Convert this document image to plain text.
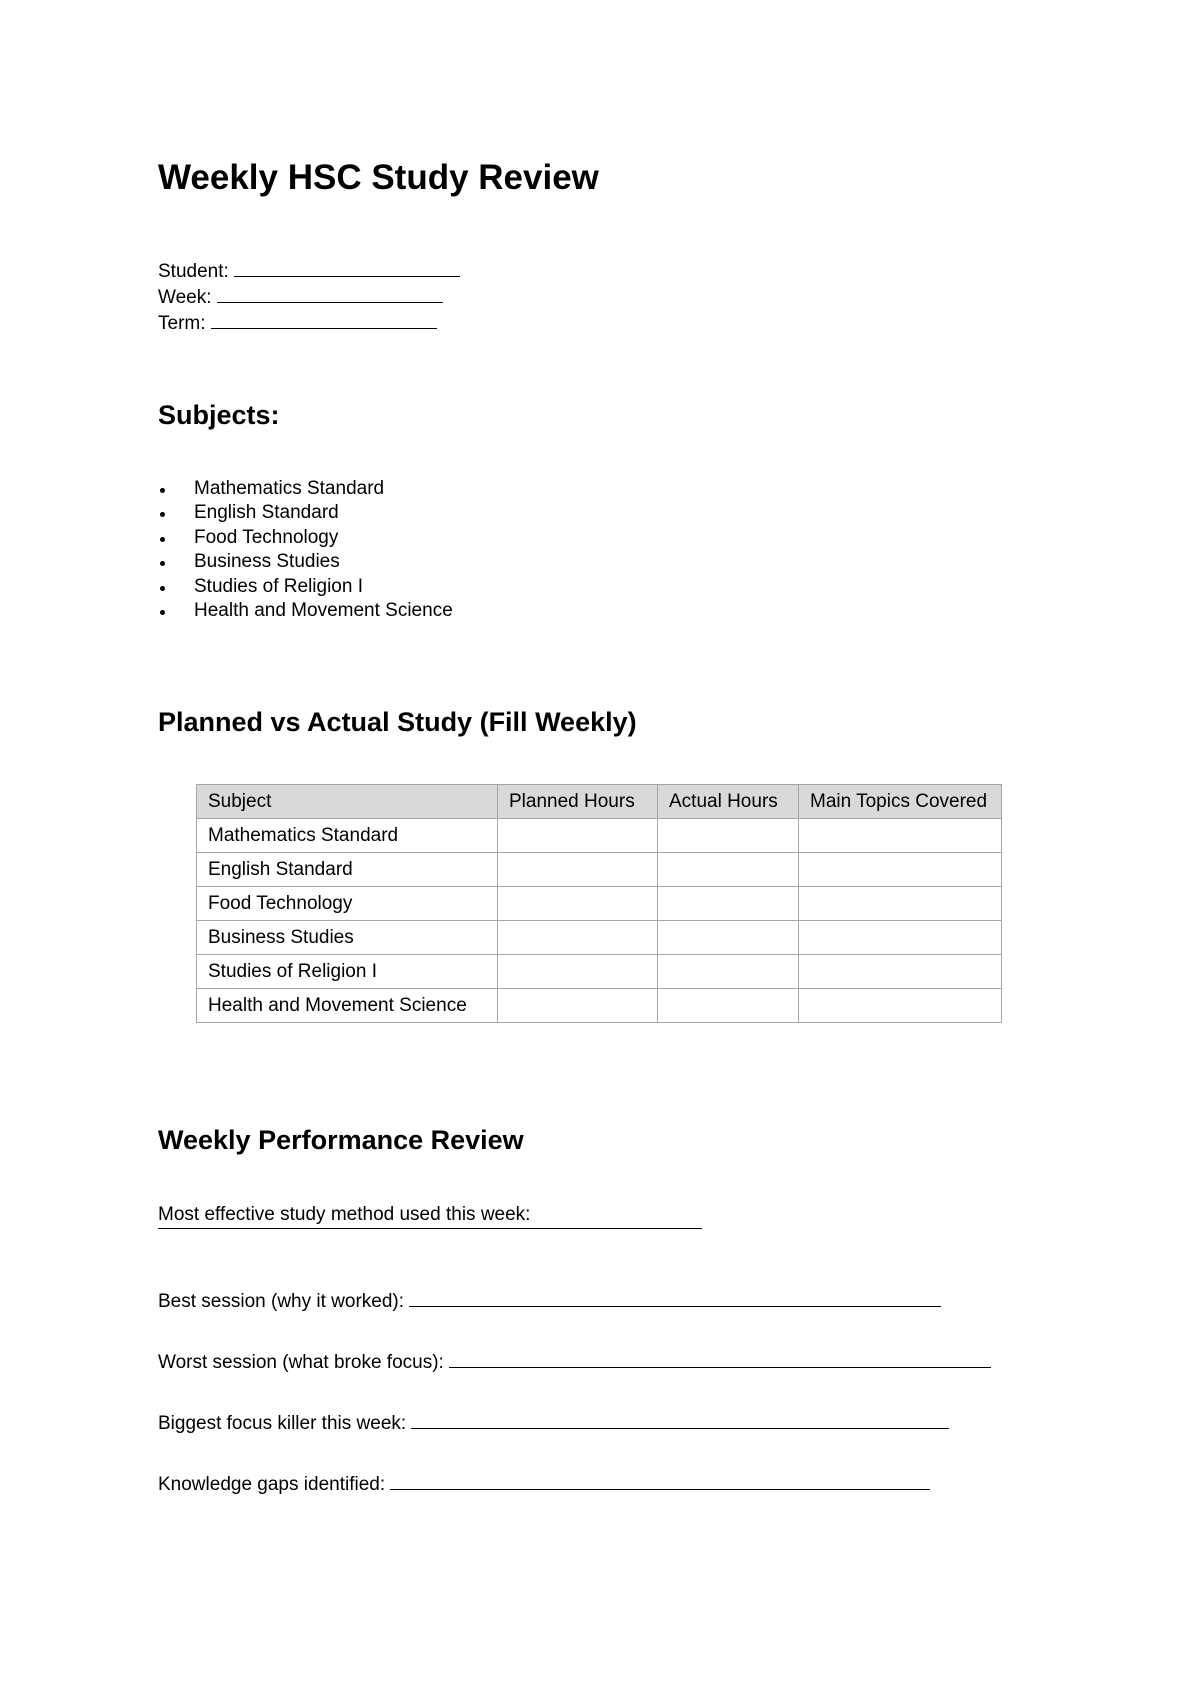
Weekly HSC Study Review
Student:
Week:
Term:
Subjects:
Mathematics Standard
English Standard
Food Technology
Business Studies
Studies of Religion I
Health and Movement Science
Planned vs Actual Study (Fill Weekly)
Subject	Planned Hours	Actual Hours	Main Topics Covered
Mathematics Standard			
English Standard			
Food Technology			
Business Studies			
Studies of Religion I			
Health and Movement Science			
Weekly Performance Review
Most effective study method used this week:
Best session (why it worked):
Worst session (what broke focus):
Biggest focus killer this week:
Knowledge gaps identified:
